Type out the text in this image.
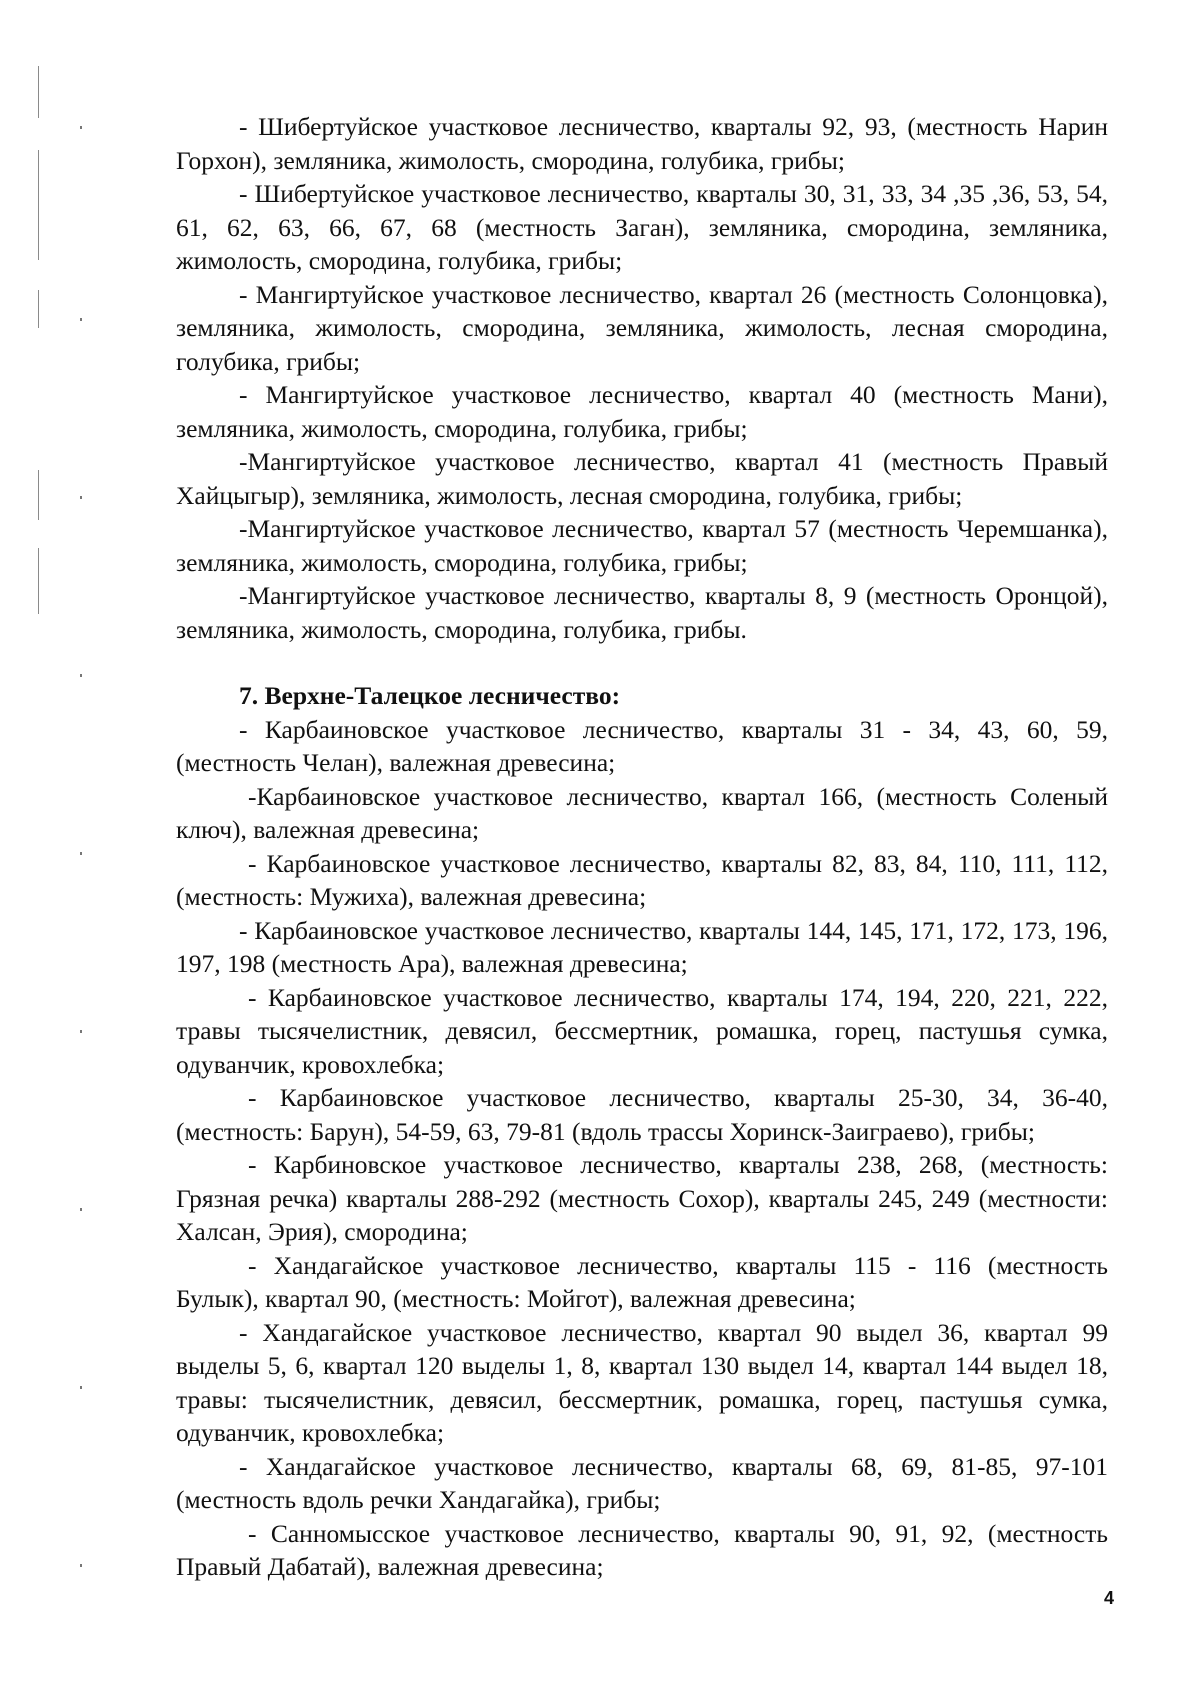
- Шибертуйское участковое лесничество, кварталы 92, 93, (местность Нарин Горхон), земляника, жимолость, смородина, голубика, грибы;

- Шибертуйское участковое лесничество, кварталы 30, 31, 33, 34 ,35 ,36, 53, 54, 61, 62, 63, 66, 67, 68 (местность Заган), земляника, смородина, земляника, жимолость, смородина, голубика, грибы;

- Мангиртуйское участковое лесничество, квартал 26 (местность Солонцовка), земляника, жимолость, смородина, земляника, жимолость, лесная смородина, голубика, грибы;

- Мангиртуйское участковое лесничество, квартал 40 (местность Мани), земляника, жимолость, смородина, голубика, грибы;

-Мангиртуйское участковое лесничество, квартал 41 (местность Правый Хайцыгыр), земляника, жимолость, лесная смородина, голубика, грибы;

-Мангиртуйское участковое лесничество, квартал 57 (местность Черемшанка), земляника, жимолость, смородина, голубика, грибы;

-Мангиртуйское участковое лесничество, кварталы 8, 9 (местность Оронцой), земляника, жимолость, смородина, голубика, грибы.

7. Верхне-Талецкое лесничество:

- Карбаиновское участковое лесничество, кварталы 31 - 34, 43, 60, 59, (местность Челан), валежная древесина;

-Карбаиновское участковое лесничество, квартал 166, (местность Соленый ключ), валежная древесина;

- Карбаиновское участковое лесничество, кварталы 82, 83, 84, 110, 111, 112, (местность: Мужиха), валежная древесина;

- Карбаиновское участковое лесничество, кварталы 144, 145, 171, 172, 173, 196, 197, 198 (местность Ара), валежная древесина;

- Карбаиновское участковое лесничество, кварталы 174, 194, 220, 221, 222, травы тысячелистник, девясил, бессмертник, ромашка, горец, пастушья сумка, одуванчик, кровохлебка;

- Карбаиновское участковое лесничество, кварталы 25-30, 34, 36-40, (местность: Барун), 54-59, 63, 79-81 (вдоль трассы Хоринск-Заиграево), грибы;

- Карбиновское участковое лесничество, кварталы 238, 268, (местность: Грязная речка) кварталы 288-292 (местность Сохор), кварталы 245, 249 (местности: Халсан, Эрия), смородина;

- Хандагайское участковое лесничество, кварталы 115 - 116 (местность Булык), квартал 90, (местность: Мойгот), валежная древесина;

- Хандагайское участковое лесничество, квартал 90 выдел 36, квартал 99 выделы 5, 6, квартал 120 выделы 1, 8, квартал 130 выдел 14, квартал 144 выдел 18, травы: тысячелистник, девясил, бессмертник, ромашка, горец, пастушья сумка, одуванчик, кровохлебка;

- Хандагайское участковое лесничество, кварталы 68, 69, 81-85, 97-101 (местность вдоль речки Хандагайка), грибы;

- Санномысское участковое лесничество, кварталы 90, 91, 92, (местность Правый Дабатай), валежная древесина;

4
